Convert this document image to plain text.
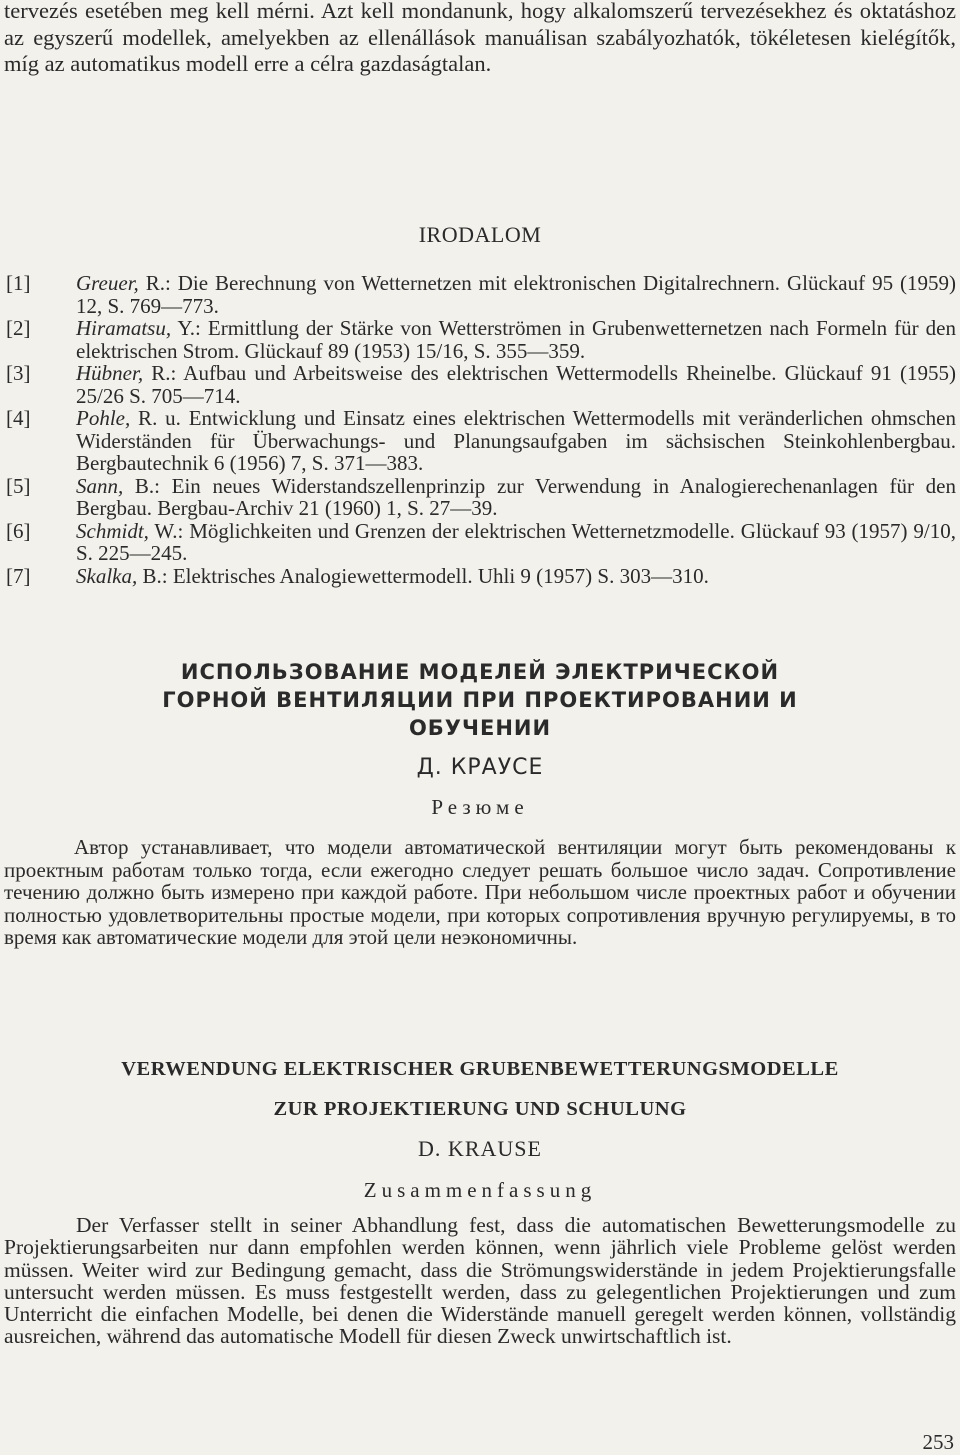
tervezés esetében meg kell mérni. Azt kell mondanunk, hogy alkalomszerű tervezésekhez és oktatáshoz az egyszerű modellek, amelyekben az ellenállások manuálisan szabályozhatók, tökéletesen kielégítők, míg az automatikus modell erre a célra gazdaságtalan.

IRODALOM
[1] Greuer, R.: Die Berechnung von Wetternetzen mit elektronischen Digitalrechnern. Glückauf 95 (1959) 12, S. 769—773.
[2] Hiramatsu, Y.: Ermittlung der Stärke von Wetterströmen in Grubenwetternetzen nach Formeln für den elektrischen Strom. Glückauf 89 (1953) 15/16, S. 355—359.
[3] Hübner, R.: Aufbau und Arbeitsweise des elektrischen Wettermodells Rheinelbe. Glückauf 91 (1955) 25/26 S. 705—714.
[4] Pohle, R. u. Entwicklung und Einsatz eines elektrischen Wettermodells mit veränderlichen ohmschen Widerständen für Überwachungs- und Planungsaufgaben im sächsischen Steinkohlenbergbau. Bergbautechnik 6 (1956) 7, S. 371—383.
[5] Sann, B.: Ein neues Widerstandszellenprinzip zur Verwendung in Analogierechenanlagen für den Bergbau. Bergbau-Archiv 21 (1960) 1, S. 27—39.
[6] Schmidt, W.: Möglichkeiten und Grenzen der elektrischen Wetternetzmodelle. Glückauf 93 (1957) 9/10, S. 225—245.
[7] Skalka, B.: Elektrisches Analogiewettermodell. Uhli 9 (1957) S. 303—310.
ИСПОЛЬЗОВАНИЕ МОДЕЛЕЙ ЭЛЕКТРИЧЕСКОЙ
ГОРНОЙ ВЕНТИЛЯЦИИ ПРИ ПРОЕКТИРОВАНИИ И
ОБУЧЕНИИ
Д. КРАУСЕ
Резюме

Автор устанавливает, что модели автоматической вентиляции могут быть рекомендованы к проектным работам только тогда, если ежегодно следует решать большое число задач. Сопротивление течению должно быть измерено при каждой работе. При небольшом числе проектных работ и обучении полностью удовлетворительны простые модели, при которых сопротивления вручную регулируемы, в то время как автоматические модели для этой цели неэкономичны.

VERWENDUNG ELEKTRISCHER GRUBENBEWETTERUNGSMODELLE
ZUR PROJEKTIERUNG UND SCHULUNG
D. KRAUSE
Zusammenfassung

Der Verfasser stellt in seiner Abhandlung fest, dass die automatischen Bewetterungsmodelle zu Projektierungsarbeiten nur dann empfohlen werden können, wenn jährlich viele Probleme gelöst werden müssen. Weiter wird zur Bedingung gemacht, dass die Strömungswiderstände in jedem Projektierungsfalle untersucht werden müssen. Es muss festgestellt werden, dass zu gelegentlichen Projektierungen und zum Unterricht die einfachen Modelle, bei denen die Widerstände manuell geregelt werden können, vollständig ausreichen, während das automatische Modell für diesen Zweck unwirtschaftlich ist.

253
